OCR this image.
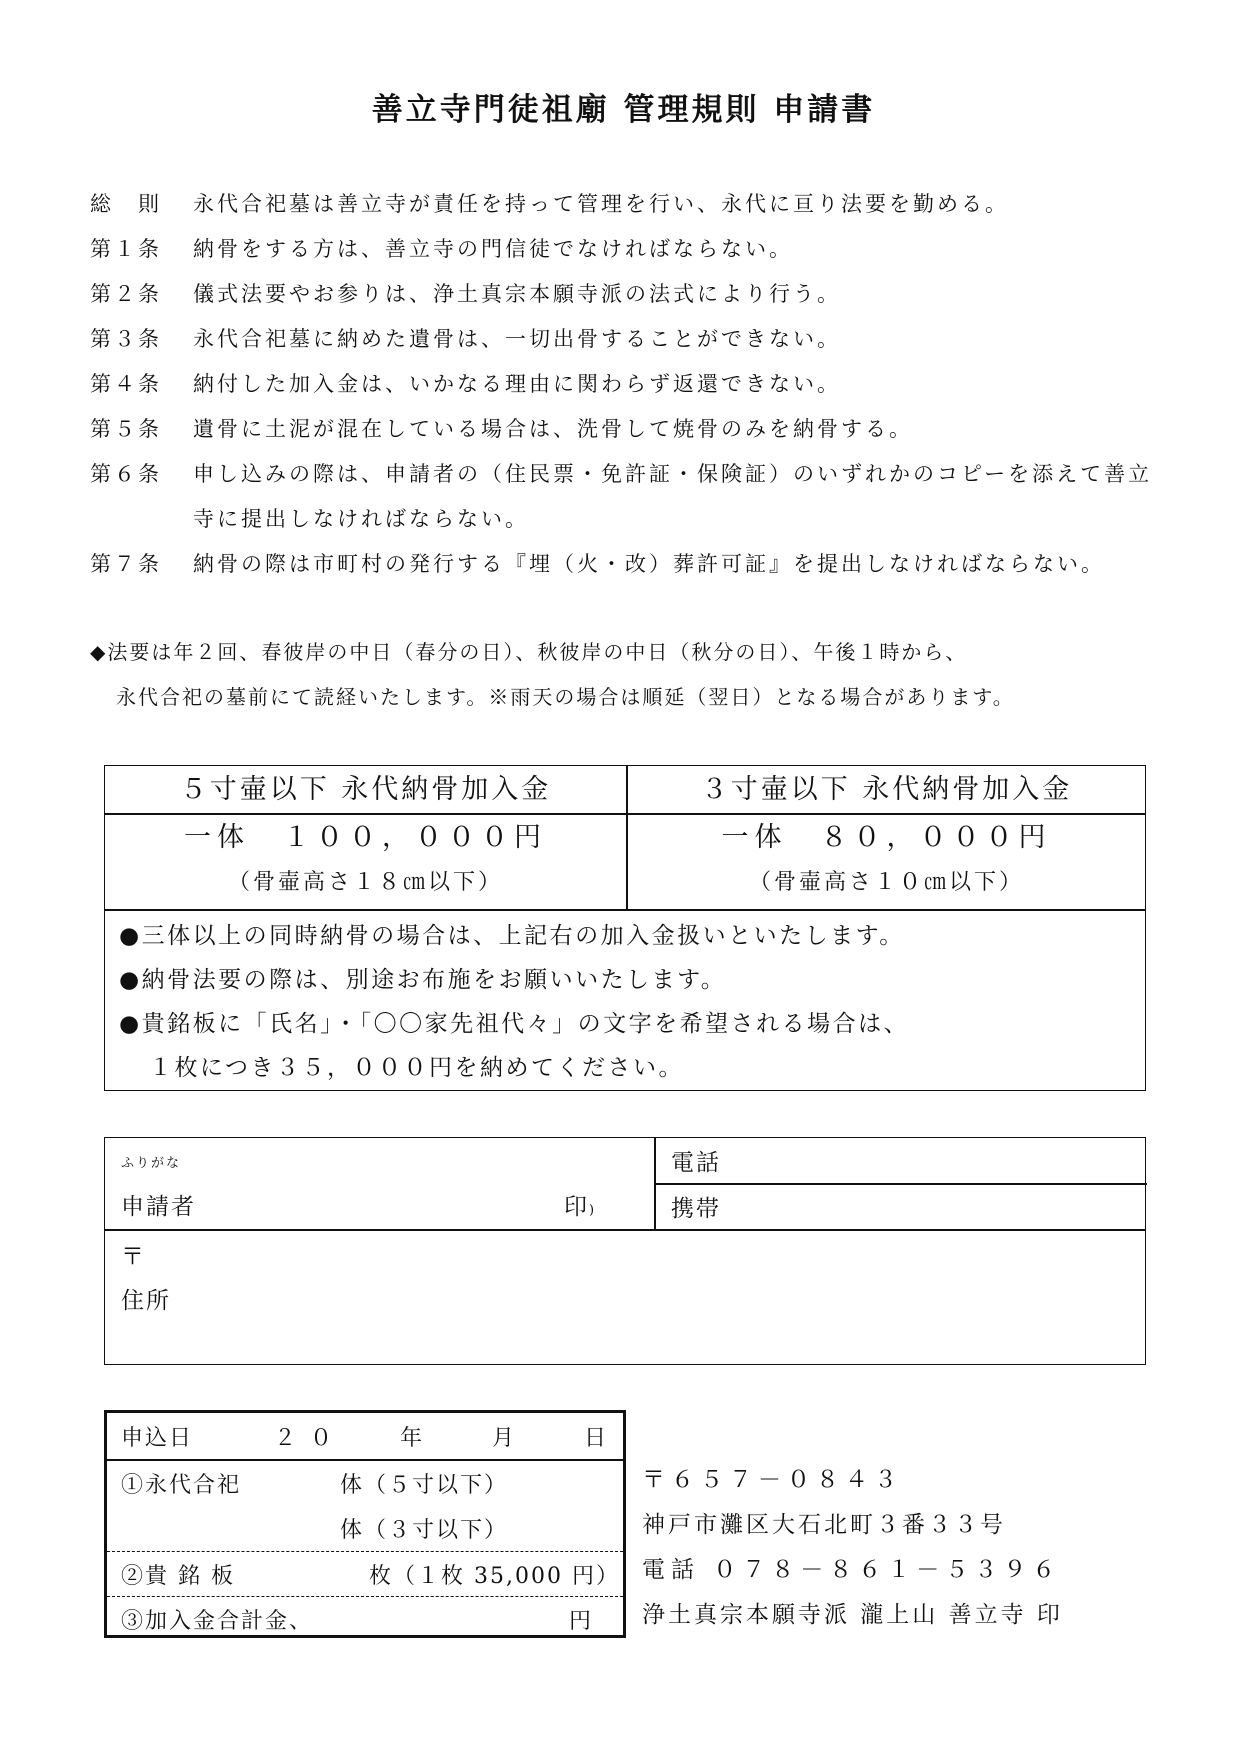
善立寺門徒祖廟 管理規則 申請書
総　則 永代合祀墓は善立寺が責任を持って管理を行い、永代に亘り法要を勤める。
第１条 納骨をする方は、善立寺の門信徒でなければならない。
第２条 儀式法要やお参りは、浄土真宗本願寺派の法式により行う。
第３条 永代合祀墓に納めた遺骨は、一切出骨することができない。
第４条 納付した加入金は、いかなる理由に関わらず返還できない。
第５条 遺骨に土泥が混在している場合は、洗骨して焼骨のみを納骨する。
第６条 申し込みの際は、申請者の（住民票・免許証・保険証）のいずれかのコピーを添えて善立寺に提出しなければならない。
第７条 納骨の際は市町村の発行する『埋（火・改）葬許可証』を提出しなければならない。
◆法要は年２回、春彼岸の中日（春分の日）、秋彼岸の中日（秋分の日）、午後１時から、
永代合祀の墓前にて読経いたします。※雨天の場合は順延（翌日）となる場合があります。
５寸壷以下 永代納骨加入金	３寸壷以下 永代納骨加入金
一体　１００，０００円	一体　８０，０００円
（骨壷高さ１８㎝以下）	（骨壷高さ１０㎝以下）
●三体以上の同時納骨の場合は、上記右の加入金扱いといたします。
●納骨法要の際は、別途お布施をお願いいたします。
●貴銘板に「氏名」・「〇〇家先祖代々」の文字を希望される場合は、
１枚につき３５，０００円を納めてください。
ふりがな
申請者	印)
電話
携帯
〒
住所
申込日	２０ 年	月	日
①永代合祀	体（５寸以下）
体（３寸以下）
②貴 銘 板	枚（１枚 35,000 円）
③加入金合計金、	円
〒６５７－０８４３
神戸市灘区大石北町３番３３号
電話 ０７８－８６１－５３９６
浄土真宗本願寺派 瀧上山 善立寺 印
